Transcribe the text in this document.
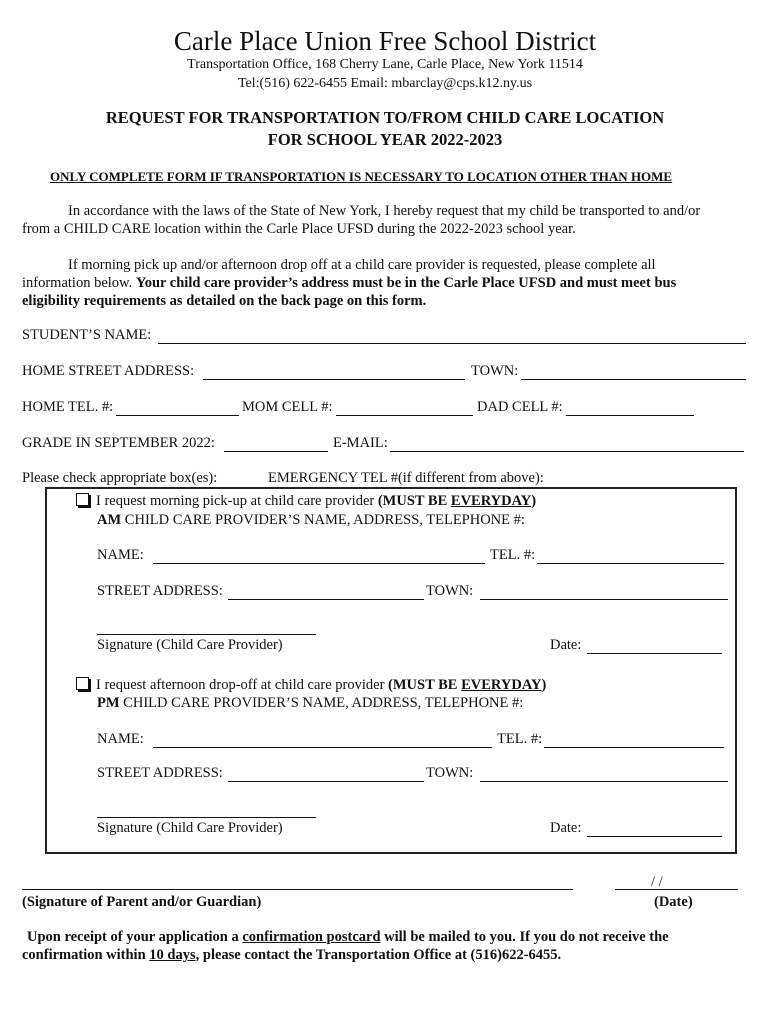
Carle Place Union Free School District
Transportation Office, 168 Cherry Lane, Carle Place, New York 11514
Tel:(516) 622-6455 Email: mbarclay@cps.k12.ny.us
REQUEST FOR TRANSPORTATION TO/FROM CHILD CARE LOCATION
FOR SCHOOL YEAR 2022-2023
ONLY COMPLETE FORM IF TRANSPORTATION IS NECESSARY TO LOCATION OTHER THAN HOME
In accordance with the laws of the State of New York, I hereby request that my child be transported to and/or
from a CHILD CARE location within the Carle Place UFSD during the 2022-2023 school year.
If morning pick up and/or afternoon drop off at a child care provider is requested, please complete all
information below. Your child care provider’s address must be in the Carle Place UFSD and must meet bus
eligibility requirements as detailed on the back page on this form.
STUDENT’S NAME:
HOME STREET ADDRESS:	TOWN:
HOME TEL. #:	MOM CELL #:	DAD CELL #:
GRADE IN SEPTEMBER 2022:	E-MAIL:
Please check appropriate box(es):	EMERGENCY TEL #(if different from above):
I request morning pick-up at child care provider (MUST BE EVERYDAY)
AM CHILD CARE PROVIDER’S NAME, ADDRESS, TELEPHONE #:
NAME:	TEL. #:
STREET ADDRESS:	TOWN:
Signature (Child Care Provider)	Date:
I request afternoon drop-off at child care provider (MUST BE EVERYDAY)
PM CHILD CARE PROVIDER’S NAME, ADDRESS, TELEPHONE #:
NAME:	TEL. #:
STREET ADDRESS:	TOWN:
Signature (Child Care Provider)	Date:
/ /
(Signature of Parent and/or Guardian)	(Date)
Upon receipt of your application a confirmation postcard will be mailed to you. If you do not receive the
confirmation within 10 days, please contact the Transportation Office at (516)622-6455.
